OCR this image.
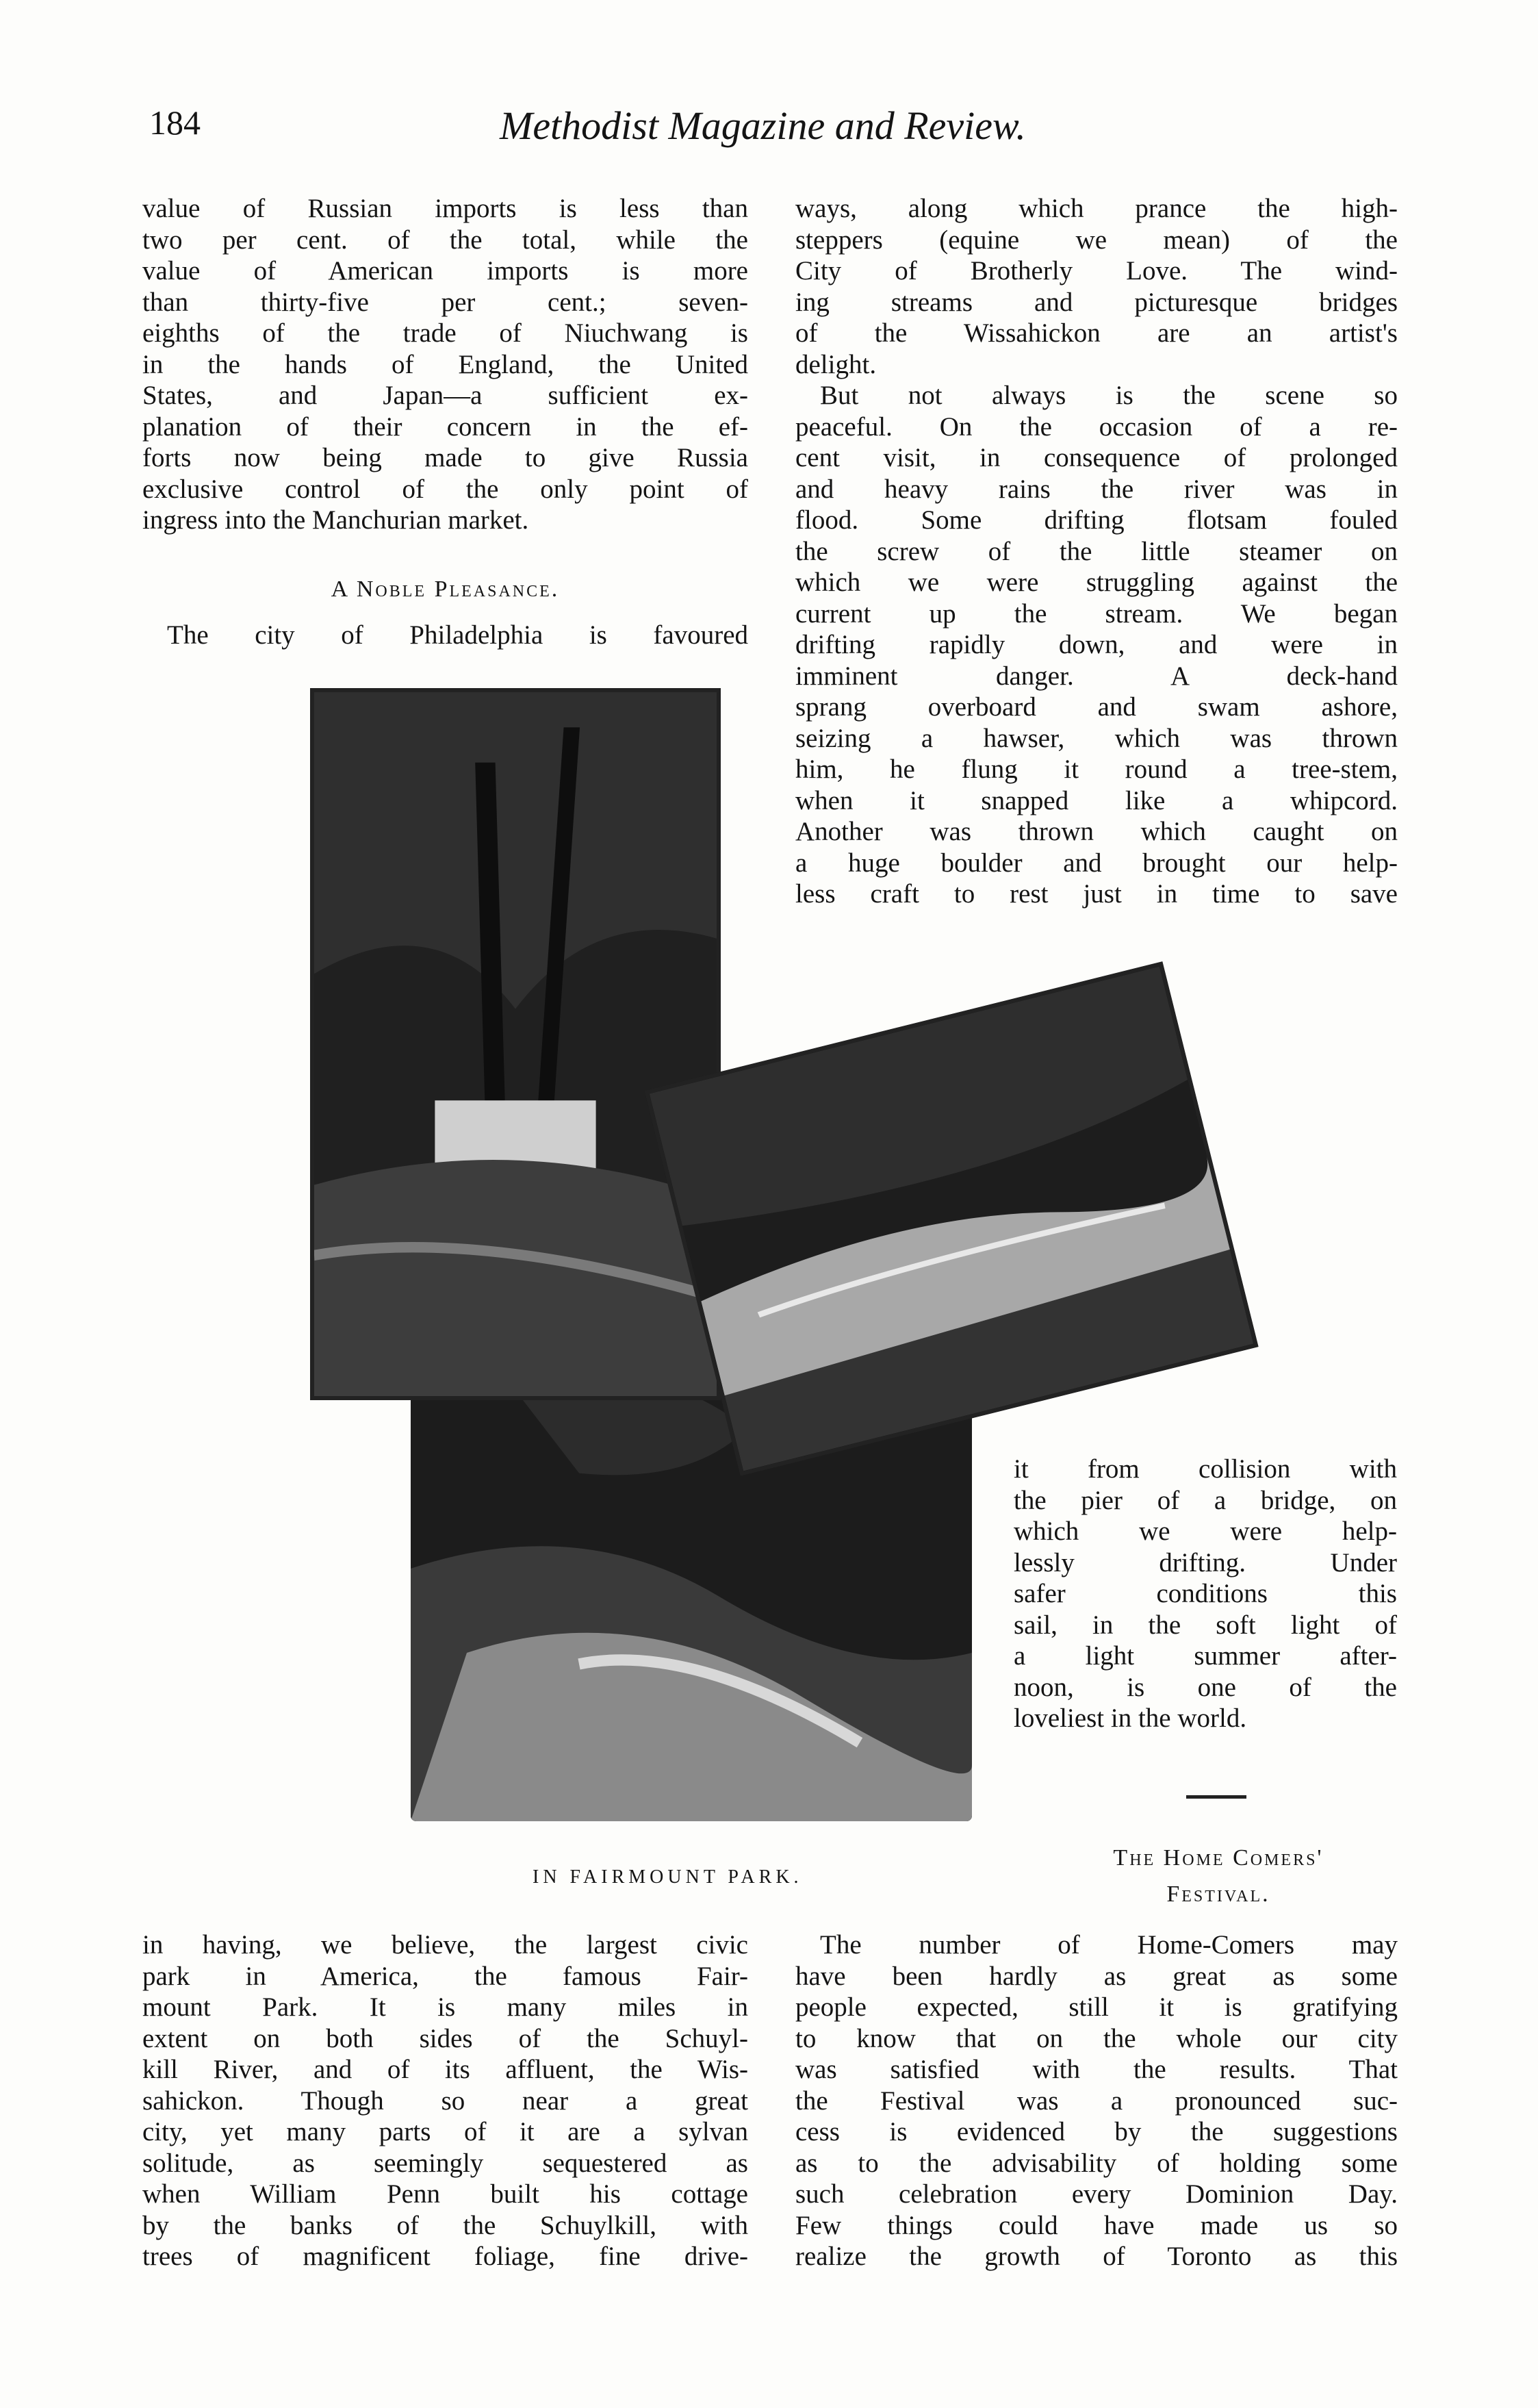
184	Methodist Magazine and Review.

value of Russian imports is less than

two per cent. of the total, while the

value of American imports is more

than thirty-five per cent.; seven-

eighths of the trade of Niuchwang is

in the hands of England, the United

States, and Japan—a sufficient ex-

planation of their concern in the ef-

forts now being made to give Russia

exclusive control of the only point of

ingress into the Manchurian market.

A Noble Pleasance.

The city of Philadelphia is favoured

ways, along which prance the high-

steppers (equine we mean) of the

City of Brotherly Love. The wind-

ing streams and picturesque bridges

of the Wissahickon are an artist's

delight.

But not always is the scene so

peaceful. On the occasion of a re-

cent visit, in consequence of prolonged

and heavy rains the river was in

flood. Some drifting flotsam fouled

the screw of the little steamer on

which we were struggling against the

current up the stream. We began

drifting rapidly down, and were in

imminent danger. A deck-hand

sprang overboard and swam ashore,

seizing a hawser, which was thrown

him, he flung it round a tree-stem,

when it snapped like a whipcord.

Another was thrown which caught on

a huge boulder and brought our help-

less craft to rest just in time to save

it from collision with

the pier of a bridge, on

which we were help-

lessly drifting. Under

safer conditions this

sail, in the soft light of

a light summer after-

noon, is one of the

loveliest in the world.

IN FAIRMOUNT PARK.
The Home Comers'
Festival.

in having, we believe, the largest civic

park in America, the famous Fair-

mount Park. It is many miles in

extent on both sides of the Schuyl-

kill River, and of its affluent, the Wis-

sahickon. Though so near a great

city, yet many parts of it are a sylvan

solitude, as seemingly sequestered as

when William Penn built his cottage

by the banks of the Schuylkill, with

trees of magnificent foliage, fine drive-

The number of Home-Comers may

have been hardly as great as some

people expected, still it is gratifying

to know that on the whole our city

was satisfied with the results. That

the Festival was a pronounced suc-

cess is evidenced by the suggestions

as to the advisability of holding some

such celebration every Dominion Day.

Few things could have made us so

realize the growth of Toronto as this
